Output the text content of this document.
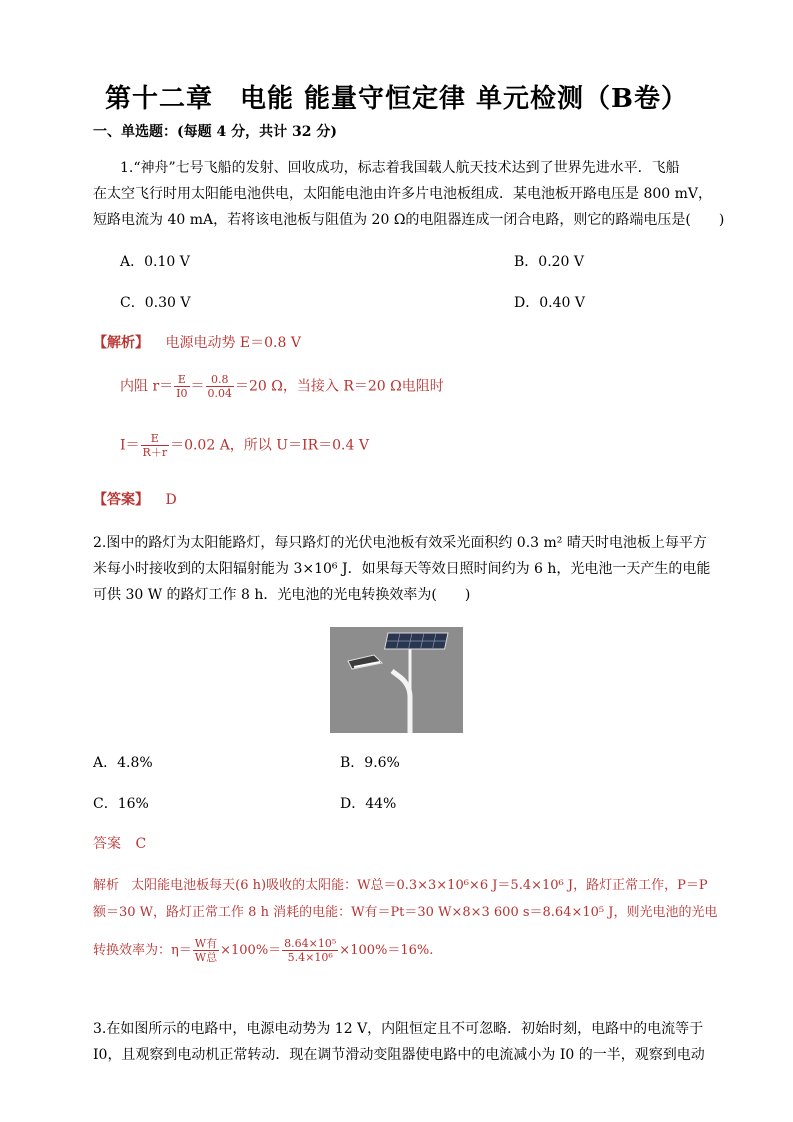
第十二章　电能 能量守恒定律 单元检测（B卷）
一、单选题：(每题 4 分，共计 32 分)
1.“神舟”七号飞船的发射、回收成功，标志着我国载人航天技术达到了世界先进水平．飞船
在太空飞行时用太阳能电池供电，太阳能电池由许多片电池板组成．某电池板开路电压是 800 mV，
短路电流为 40 mA，若将该电池板与阻值为 20 Ω的电阻器连成一闭合电路，则它的路端电压是(　　)
A．0.10 V	B．0.20 V
C．0.30 V	D．0.40 V
【解析】 电源电动势 E＝0.8 V
内阻 $r= \frac{E}{I0} = \frac{0.8}{0.04} =20$ Ω，当接入 R＝20 Ω电阻时
$I= \frac{E}{R+r} =0.02$ A，所以 U＝IR＝0.4 V
【答案】 D
2.图中的路灯为太阳能路灯，每只路灯的光伏电池板有效采光面积约 0.3 m² 晴天时电池板上每平方
米每小时接收到的太阳辐射能为 3×10⁶ J．如果每天等效日照时间约为 6 h，光电池一天产生的电能
可供 30 W 的路灯工作 8 h．光电池的光电转换效率为(　　)
A．4.8%	B．9.6%
C．16%	D．44%
答案 C
解析 太阳能电池板每天(6 h)吸收的太阳能：W总＝0.3×3×10⁶×6 J＝5.4×10⁶ J，路灯正常工作，P＝P
额＝30 W，路灯正常工作 8 h 消耗的电能：W有＝Pt＝30 W×8×3 600 s＝8.64×10⁵ J，则光电池的光电
转换效率为：$\eta= \frac{\text{W有}}{\text{W总}} \times 100\%= \frac{\text{8.64×10⁵}}{\text{5.4×10⁶}} \times 100\%=16\%$.
3.在如图所示的电路中，电源电动势为 12 V，内阻恒定且不可忽略．初始时刻，电路中的电流等于
I0，且观察到电动机正常转动．现在调节滑动变阻器使电路中的电流减小为 I0 的一半，观察到电动
